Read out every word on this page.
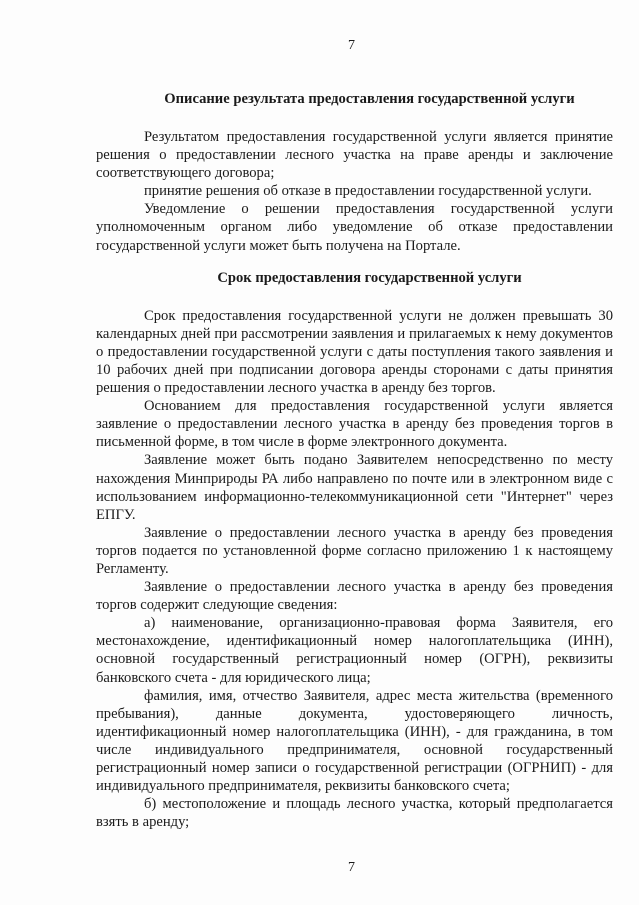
7
Описание результата предоставления государственной услуги

Результатом предоставления государственной услуги является принятие решения о предоставлении лесного участка на праве аренды и заключение соответствующего договора;

принятие решения об отказе в предоставлении государственной услуги.

Уведомление о решении предоставления государственной услуги уполномоченным органом либо уведомление об отказе предоставлении государственной услуги может быть получена на Портале.

Срок предоставления государственной услуги

Срок предоставления государственной услуги не должен превышать 30 календарных дней при рассмотрении заявления и прилагаемых к нему документов о предоставлении государственной услуги с даты поступления такого заявления и 10 рабочих дней при подписании договора аренды сторонами с даты принятия решения о предоставлении лесного участка в аренду без торгов.

Основанием для предоставления государственной услуги является заявление о предоставлении лесного участка в аренду без проведения торгов в письменной форме, в том числе в форме электронного документа.

Заявление может быть подано Заявителем непосредственно по месту нахождения Минприроды РА либо направлено по почте или в электронном виде с использованием информационно-телекоммуникационной сети "Интернет" через ЕПГУ.

Заявление о предоставлении лесного участка в аренду без проведения торгов подается по установленной форме согласно приложению 1 к настоящему Регламенту.

Заявление о предоставлении лесного участка в аренду без проведения торгов содержит следующие сведения:

а) наименование, организационно-правовая форма Заявителя, его местонахождение, идентификационный номер налогоплательщика (ИНН), основной государственный регистрационный номер (ОГРН), реквизиты банковского счета - для юридического лица;

фамилия, имя, отчество Заявителя, адрес места жительства (временного пребывания), данные документа, удостоверяющего личность, идентификационный номер налогоплательщика (ИНН), - для гражданина, в том числе индивидуального предпринимателя, основной государственный регистрационный номер записи о государственной регистрации (ОГРНИП) - для индивидуального предпринимателя, реквизиты банковского счета;

б) местоположение и площадь лесного участка, который предполагается взять в аренду;

7
